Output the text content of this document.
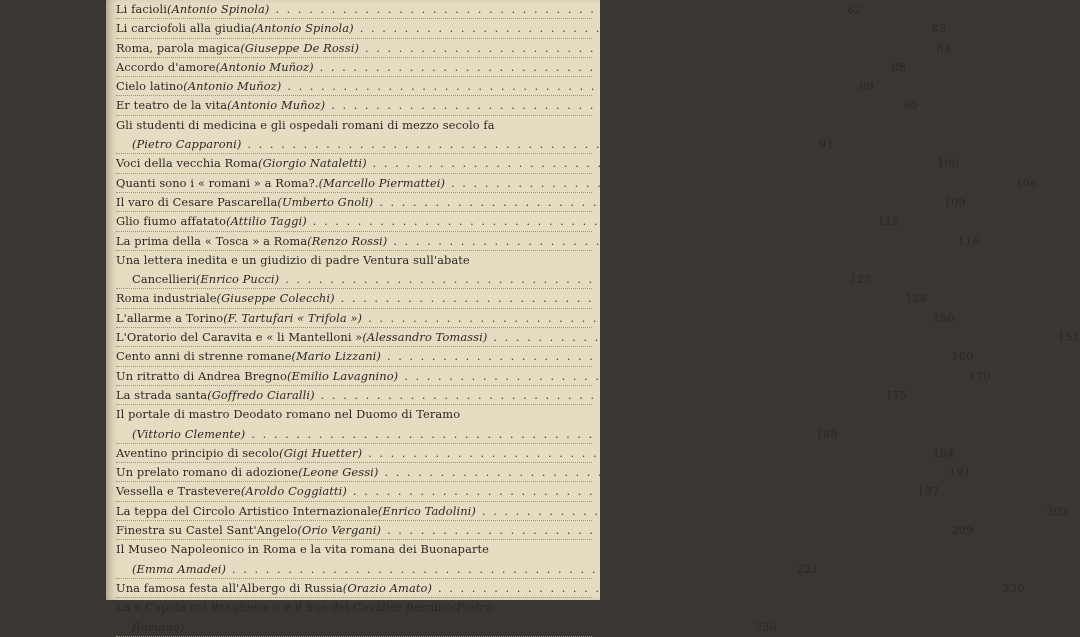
Li facioli ( Antonio Spinola ) . . .	82
Li carciofoli alla giudia ( Antonio Spinola ) . . .	83
Roma, parola magica ( Giuseppe De Rossi ) . . .	84
Accordo d'amore ( Antonio Muñoz ) . . .	88
Cielo latino ( Antonio Muñoz ) . . .	89
Er teatro de la vita ( Antonio Muñoz ) . . .	90
Gli studenti di medicina e gli ospedali romani di mezzo secolo fa
( Pietro Capparoni ) . . .	91
Voci della vecchia Roma ( Giorgio Nataletti ) . . .	100
Quanti sono i « romani » a Roma?. ( Marcello Piermattei ) . . .	106
Il varo di Cesare Pascarella ( Umberto Gnoli ) . . .	109
Glio fiumo affatato ( Attilio Taggi ) . . .	112
La prima della « Tosca » a Roma ( Renzo Rossi ) . . .	116
Una lettera inedita e un giudizio di padre Ventura sull'abate
Cancellieri ( Enrico Pucci ) . . .	123
Roma industriale ( Giuseppe Colecchi ) . . .	128
L'allarme a Torino ( F. Tartufari « Trifola » ) . . .	150
L'Oratorio del Caravita e « li Mantelloni » ( Alessandro Tomassi ) . . .	151
Cento anni di strenne romane ( Mario Lizzani ) . . .	160
Un ritratto di Andrea Bregno ( Emilio Lavagnino ) . . .	170
La strada santa ( Goffredo Ciaralli ) . . .	175
Il portale di mastro Deodato romano nel Duomo di Teramo
( Vittorio Clemente ) . . .	180
Aventino principio di secolo ( Gigi Huetter ) . . .	184
Un prelato romano di adozione ( Leone Gessi ) . . .	191
Vessella e Trastevere ( Aroldo Coggiatti ) . . .	197
La teppa del Circolo Artistico Internazionale ( Enrico Tadolini ) . . .	203
Finestra su Castel Sant'Angelo ( Orio Vergani ) . . .	209
Il Museo Napoleonico in Roma e la vita romana dei Buonaparte
( Emma Amadei ) . . .	221
Una famosa festa all'Albergo di Russia ( Orazio Amato ) . . .	230
La « Cupola col Braghiere » e il bue del Cavalier Bernino ( Pietro
Romano ) . . .	236
